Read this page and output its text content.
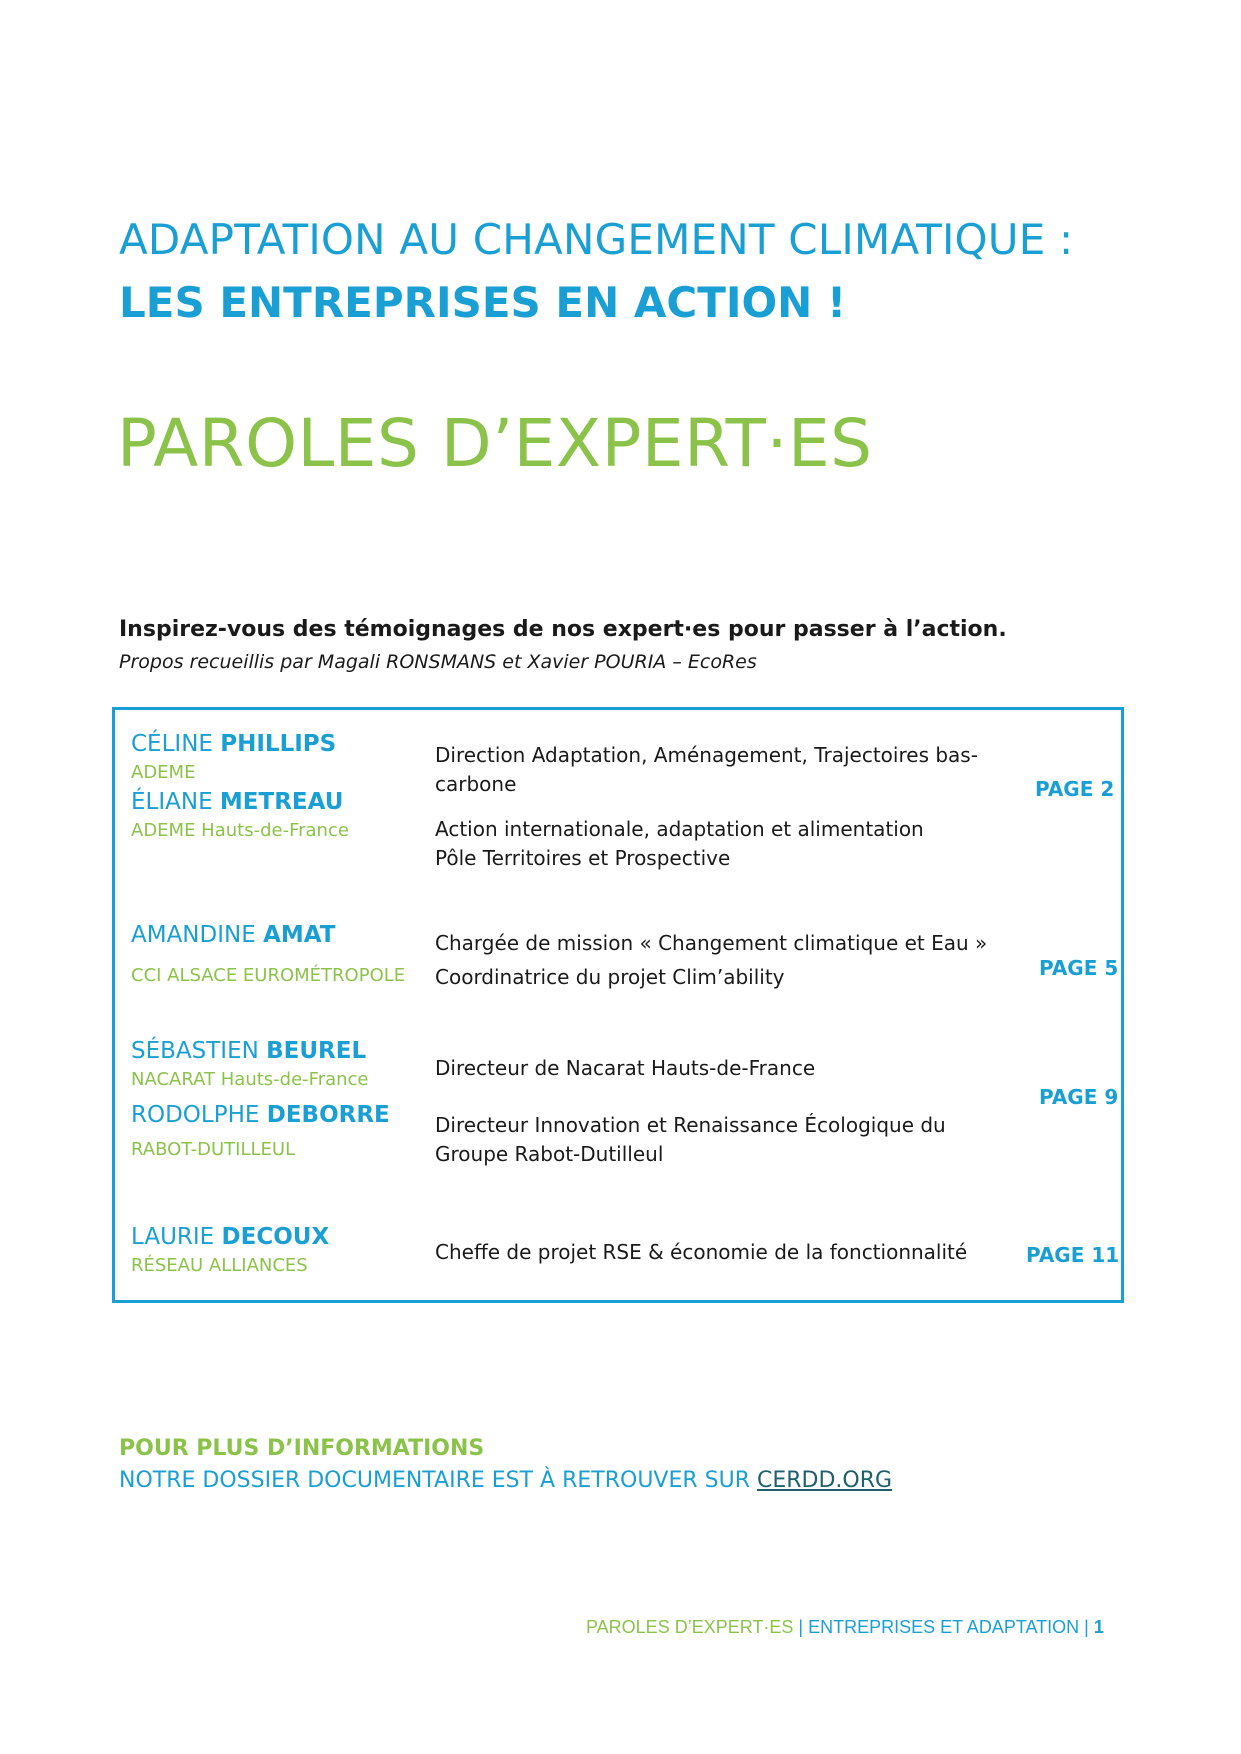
ADAPTATION AU CHANGEMENT CLIMATIQUE :
LES ENTREPRISES EN ACTION !
PAROLES D’EXPERT·ES
Inspirez-vous des témoignages de nos expert·es pour passer à l’action.
Propos recueillis par Magali RONSMANS et Xavier POURIA – EcoRes
CÉLINE PHILLIPS
ADEME
ÉLIANE METREAU
ADEME Hauts-de-France
Direction Adaptation, Aménagement, Trajectoires bas-
carbone
Action internationale, adaptation et alimentation
Pôle Territoires et Prospective
PAGE 2
AMANDINE AMAT
CCI ALSACE EUROMÉTROPOLE
Chargée de mission « Changement climatique et Eau »
Coordinatrice du projet Clim’ability	PAGE 5
SÉBASTIEN BEUREL
NACARAT Hauts-de-France
RODOLPHE DEBORRE
RABOT-DUTILLEUL
Directeur de Nacarat Hauts-de-France
Directeur Innovation et Renaissance Écologique du
Groupe Rabot-Dutilleul
PAGE 9
LAURIE DECOUX
RÉSEAU ALLIANCES
Cheffe de projet RSE & économie de la fonctionnalité	PAGE 11
POUR PLUS D’INFORMATIONS
NOTRE DOSSIER DOCUMENTAIRE EST À RETROUVER SUR CERDD.ORG
PAROLES D’EXPERT·ES | ENTREPRISES ET ADAPTATION | 1
